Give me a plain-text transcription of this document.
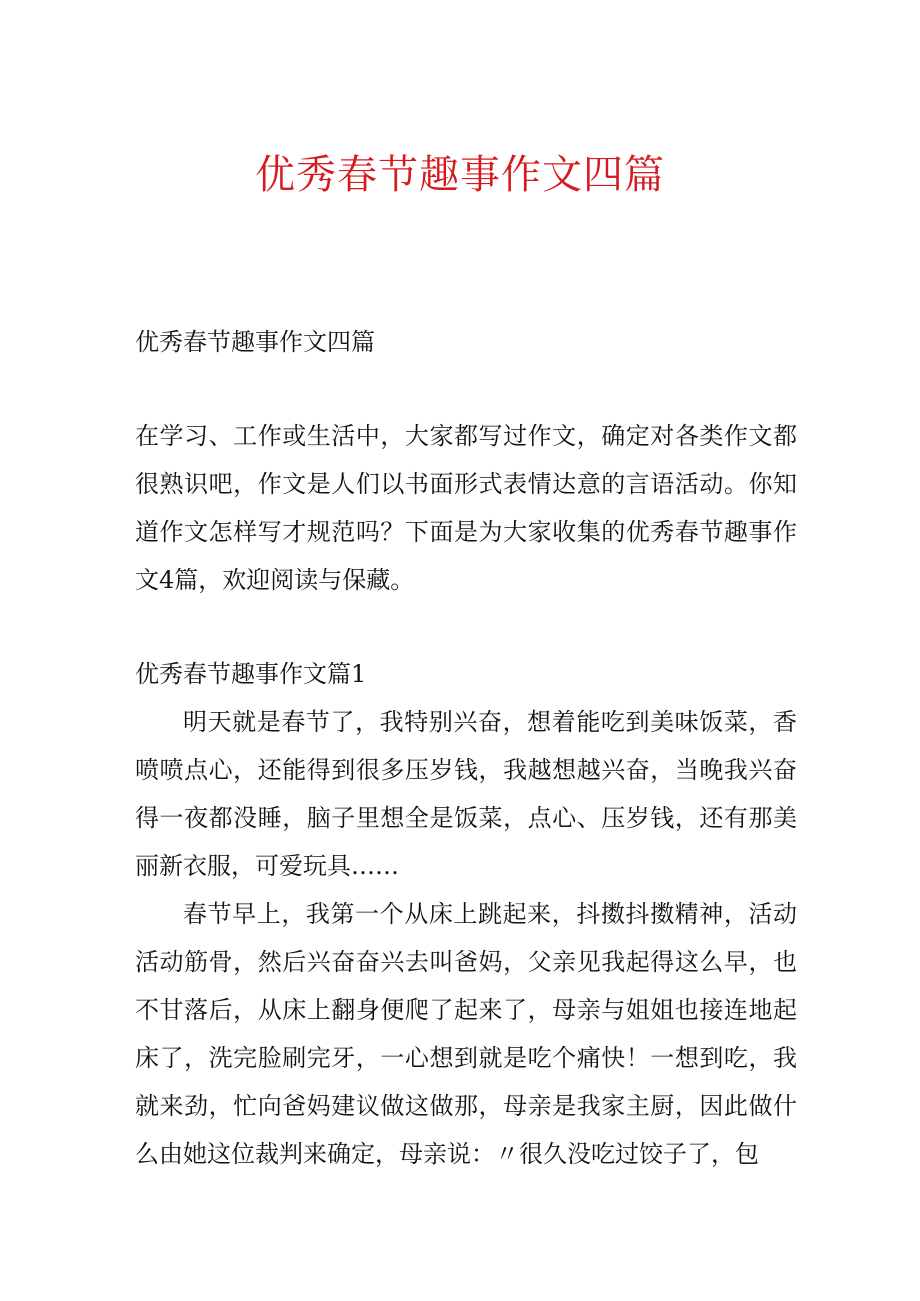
优秀春节趣事作文四篇

优秀春节趣事作文四篇

在学习、工作或生活中，大家都写过作文，确定对各类作文都很熟识吧，作文是人们以书面形式表情达意的言语活动。你知道作文怎样写才规范吗？下面是为大家收集的优秀春节趣事作文4篇，欢迎阅读与保藏。

优秀春节趣事作文篇1

明天就是春节了，我特别兴奋，想着能吃到美味饭菜，香喷喷点心，还能得到很多压岁钱，我越想越兴奋，当晚我兴奋得一夜都没睡，脑子里想全是饭菜，点心、压岁钱，还有那美丽新衣服，可爱玩具……

春节早上，我第一个从床上跳起来，抖擞抖擞精神，活动活动筋骨，然后兴奋奋兴去叫爸妈，父亲见我起得这么早，也不甘落后，从床上翻身便爬了起来了，母亲与姐姐也接连地起床了，洗完脸刷完牙，一心想到就是吃个痛快！一想到吃，我就来劲，忙向爸妈建议做这做那，母亲是我家主厨，因此做什么由她这位裁判来确定，母亲说：〃很久没吃过饺子了，包
